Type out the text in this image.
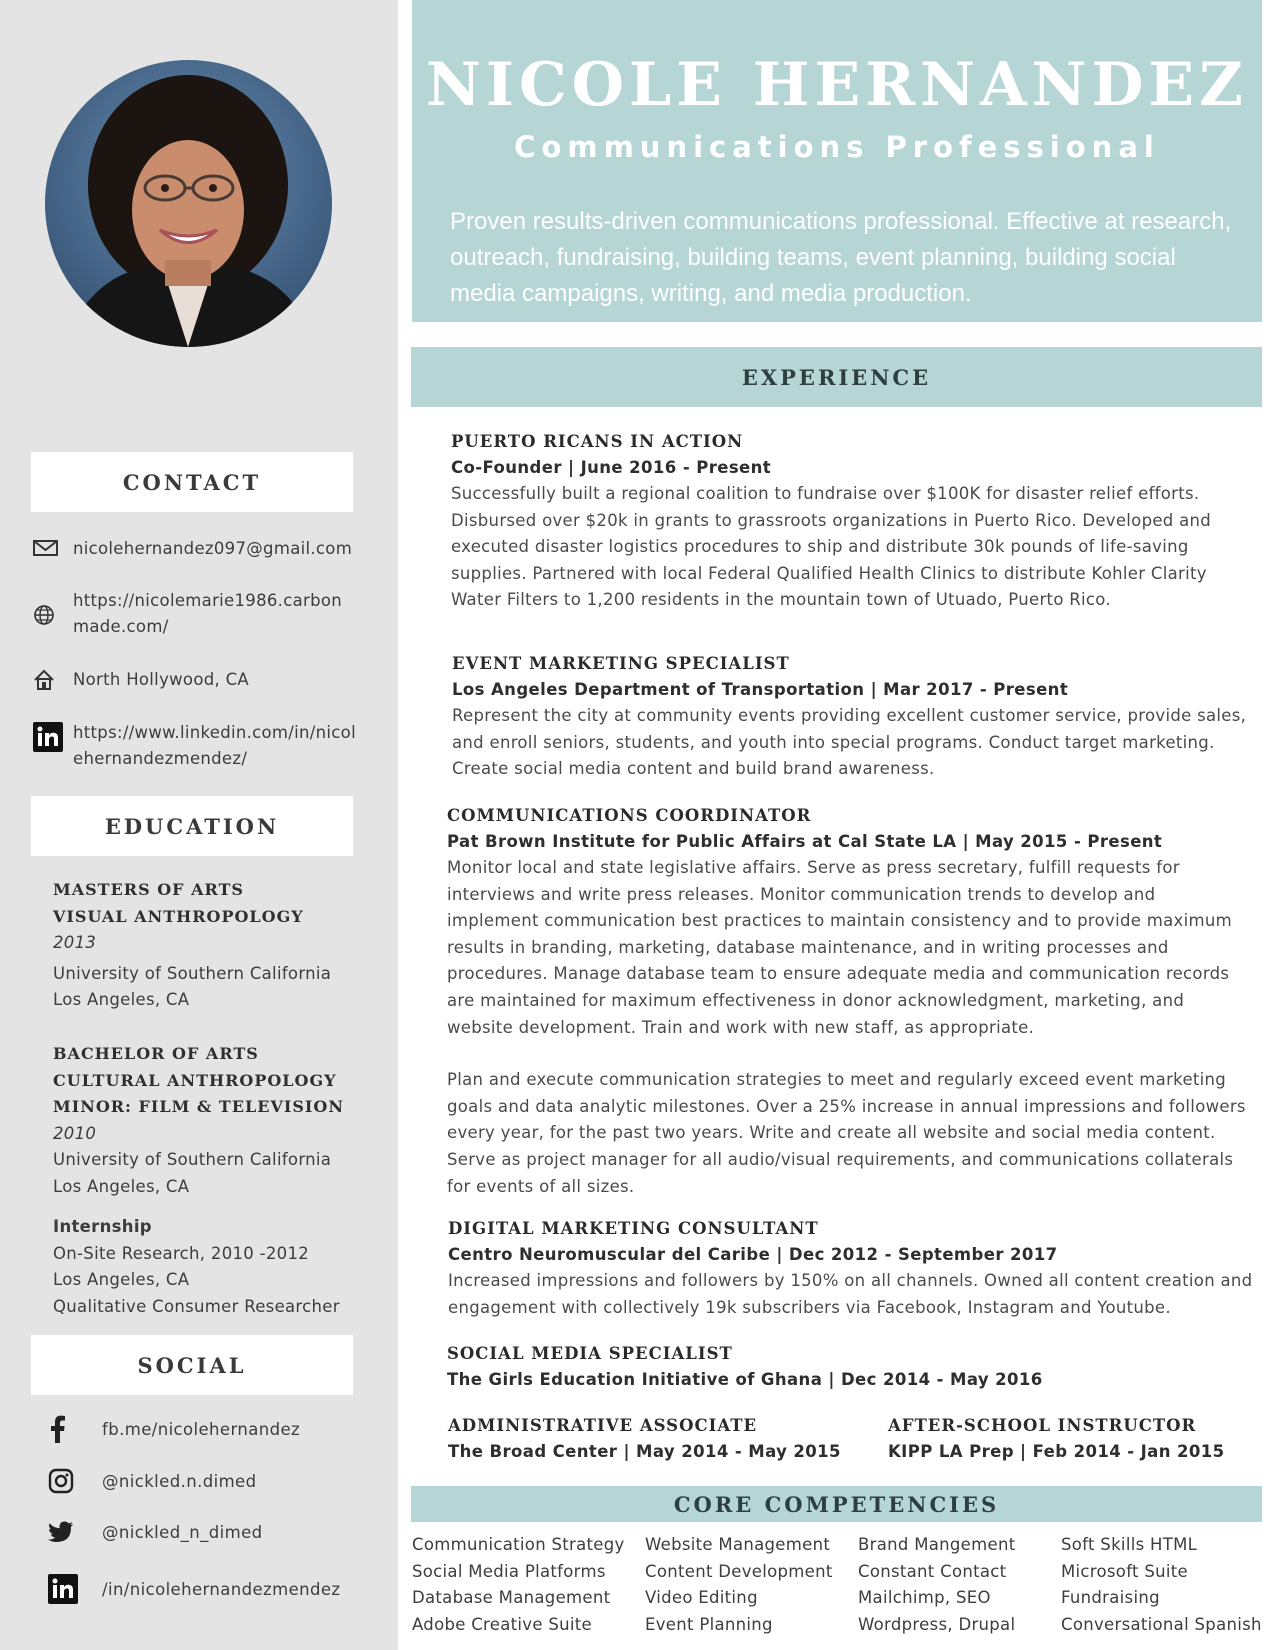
CONTACT
nicolehernandez097@gmail.com
https://nicolemarie1986.carbonmade.com/
North Hollywood, CA
https://www.linkedin.com/in/nicolehernandezmendez/
EDUCATION
MASTERS OF ARTS
VISUAL ANTHROPOLOGY
2013
University of Southern California
Los Angeles, CA
BACHELOR OF ARTS
CULTURAL ANTHROPOLOGY
MINOR: FILM & TELEVISION
2010
University of Southern California
Los Angeles, CA
Internship
On-Site Research, 2010 -2012
Los Angeles, CA
Qualitative Consumer Researcher
SOCIAL
fb.me/nicolehernandez
@nickled.n.dimed
@nickled_n_dimed
/in/nicolehernandezmendez
NICOLE HERNANDEZ
Communications Professional
Proven results-driven communications professional. Effective at research, outreach, fundraising, building teams, event planning, building social media campaigns, writing, and media production.
EXPERIENCE
PUERTO RICANS IN ACTION
Co-Founder | June 2016 - Present
Successfully built a regional coalition to fundraise over $100K for disaster relief efforts. Disbursed over $20k in grants to grassroots organizations in Puerto Rico. Developed and executed disaster logistics procedures to ship and distribute 30k pounds of life-saving supplies. Partnered with local Federal Qualified Health Clinics to distribute Kohler Clarity Water Filters to 1,200 residents in the mountain town of Utuado, Puerto Rico.
EVENT MARKETING SPECIALIST
Los Angeles Department of Transportation | Mar 2017 - Present
Represent the city at community events providing excellent customer service, provide sales, and enroll seniors, students, and youth into special programs. Conduct target marketing. Create social media content and build brand awareness.
COMMUNICATIONS COORDINATOR
Pat Brown Institute for Public Affairs at Cal State LA | May 2015 - Present
Monitor local and state legislative affairs. Serve as press secretary, fulfill requests for interviews and write press releases. Monitor communication trends to develop and implement communication best practices to maintain consistency and to provide maximum results in branding, marketing, database maintenance, and in writing processes and procedures. Manage database team to ensure adequate media and communication records are maintained for maximum effectiveness in donor acknowledgment, marketing, and website development. Train and work with new staff, as appropriate.
Plan and execute communication strategies to meet and regularly exceed event marketing goals and data analytic milestones. Over a 25% increase in annual impressions and followers every year, for the past two years. Write and create all website and social media content. Serve as project manager for all audio/visual requirements, and communications collaterals for events of all sizes.
DIGITAL MARKETING CONSULTANT
Centro Neuromuscular del Caribe | Dec 2012 - September 2017
Increased impressions and followers by 150% on all channels. Owned all content creation and engagement with collectively 19k subscribers via Facebook, Instagram and Youtube.
SOCIAL MEDIA SPECIALIST
The Girls Education Initiative of Ghana | Dec 2014 - May 2016
ADMINISTRATIVE ASSOCIATE
The Broad Center | May 2014 - May 2015
AFTER-SCHOOL INSTRUCTOR
KIPP LA Prep | Feb 2014 - Jan 2015
CORE COMPETENCIES
Communication Strategy
Social Media Platforms
Database Management
Adobe Creative Suite
Website Management
Content Development
Video Editing
Event Planning
Brand Mangement
Constant Contact
Mailchimp, SEO
Wordpress, Drupal
Soft Skills HTML
Microsoft Suite
Fundraising
Conversational Spanish
